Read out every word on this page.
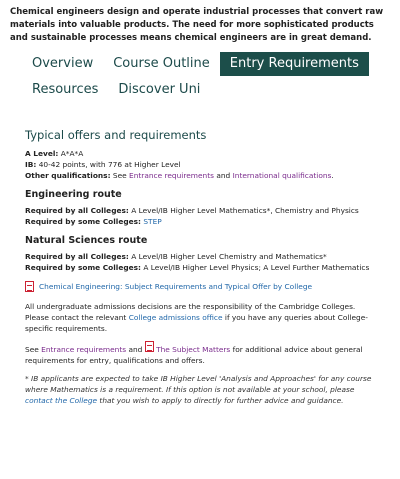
Chemical engineers design and operate industrial processes that convert raw materials into valuable products. The need for more sophisticated products and sustainable processes means chemical engineers are in great demand.
Overview	Course Outline	Entry Requirements
Resources	Discover Uni
Typical offers and requirements

A Level: A*A*A

IB: 40-42 points, with 776 at Higher Level

Other qualifications: See Entrance requirements and International qualifications.

Engineering route

Required by all Colleges: A Level/IB Higher Level Mathematics*, Chemistry and Physics

Required by some Colleges: STEP

Natural Sciences route

Required by all Colleges: A Level/IB Higher Level Chemistry and Mathematics*

Required by some Colleges: A Level/IB Higher Level Physics; A Level Further Mathematics

Chemical Engineering: Subject Requirements and Typical Offer by College

All undergraduate admissions decisions are the responsibility of the Cambridge Colleges. Please contact the relevant College admissions office if you have any queries about College-specific requirements.

See Entrance requirements and The Subject Matters for additional advice about general requirements for entry, qualifications and offers.

* IB applicants are expected to take IB Higher Level 'Analysis and Approaches' for any course where Mathematics is a requirement. If this option is not available at your school, please contact the College that you wish to apply to directly for further advice and guidance.
